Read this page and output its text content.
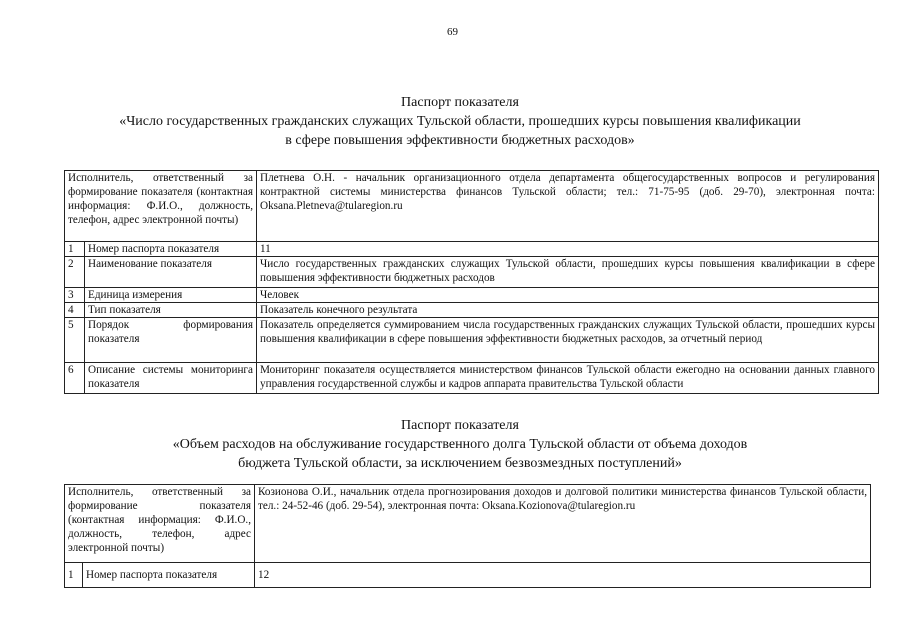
69
Паспорт показателя
«Число государственных гражданских служащих Тульской области, прошедших курсы повышения квалификации
в сфере повышения эффективности бюджетных расходов»
Исполнитель, ответственный за формирование показателя (контактная информация: Ф.И.О., должность, телефон, адрес электронной почты)		Плетнева О.Н. - начальник организационного отдела департамента общегосударственных вопросов и регулирования контрактной системы министерства финансов Тульской области; тел.: 71-75-95 (доб. 29-70), электронная почта: Oksana.Pletneva@tularegion.ru
1	Номер паспорта показателя	11
2	Наименование показателя	Число государственных гражданских служащих Тульской области, прошедших курсы повышения квалификации в сфере повышения эффективности бюджетных расходов
3	Единица измерения	Человек
4	Тип показателя	Показатель конечного результата
5	Порядок формирования показателя	Показатель определяется суммированием числа государственных гражданских служащих Тульской области, прошедших курсы повышения квалификации в сфере повышения эффективности бюджетных расходов, за отчетный период
6	Описание системы мониторинга показателя	Мониторинг показателя осуществляется министерством финансов Тульской области ежегодно на основании данных главного управления государственной службы и кадров аппарата правительства Тульской области
Паспорт показателя
«Объем расходов на обслуживание государственного долга Тульской области от объема доходов
бюджета Тульской области, за исключением безвозмездных поступлений»
Исполнитель, ответственный за формирование показателя (контактная информация: Ф.И.О., должность, телефон, адрес электронной почты)		Козионова О.И., начальник отдела прогнозирования доходов и долговой политики министерства финансов Тульской области, тел.: 24-52-46 (доб. 29-54), электронная почта: Oksana.Kozionova@tularegion.ru
1	Номер паспорта показателя	12
